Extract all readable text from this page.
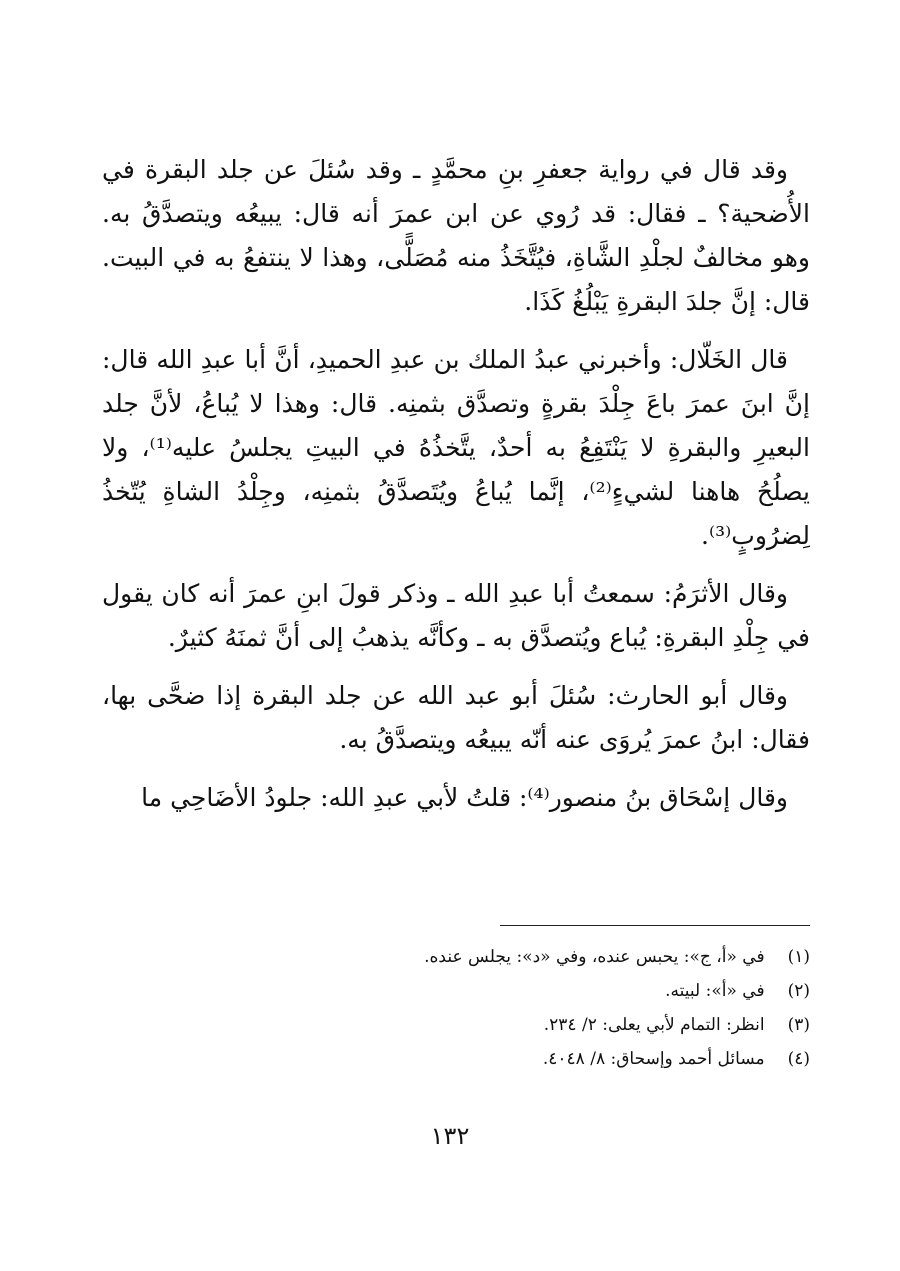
وقد قال في رواية جعفرِ بنِ محمَّدٍ ـ وقد سُئلَ عن جلد البقرة في الأُضحية؟ ـ فقال: قد رُوي عن ابن عمرَ أنه قال: يبيعُه ويتصدَّقُ به. وهو مخالفٌ لجلْدِ الشَّاةِ، فيُتَّخَذُ منه مُصَلًّى، وهذا لا ينتفعُ به في البيت. قال: إنَّ جلدَ البقرةِ يَبْلُغُ كَذَا.

قال الخَلّال: وأخبرني عبدُ الملك بن عبدِ الحميدِ، أنَّ أبا عبدِ الله قال: إنَّ ابنَ عمرَ باعَ جِلْدَ بقرةٍ وتصدَّق بثمنِه. قال: وهذا لا يُباعُ، لأنَّ جلد البعيرِ والبقرةِ لا يَنْتَفِعُ به أحدٌ، يتَّخذُهُ في البيتِ يجلسُ عليه⁽¹⁾، ولا يصلُحُ هاهنا لشيءٍ⁽²⁾، إنَّما يُباعُ ويُتَصدَّقُ بثمنِه، وجِلْدُ الشاةِ يُتّخذُ لِضرُوبٍ⁽³⁾.

وقال الأثرَمُ: سمعتُ أبا عبدِ الله ـ وذكر قولَ ابنِ عمرَ أنه كان يقول في جِلْدِ البقرةِ: يُباع ويُتصدَّق به ـ وكأنَّه يذهبُ إلى أنَّ ثمنَهُ كثيرٌ.

وقال أبو الحارث: سُئلَ أبو عبد الله عن جلد البقرة إذا ضحَّى بها، فقال: ابنُ عمرَ يُروَى عنه أنّه يبيعُه ويتصدَّقُ به.

وقال إسْحَاق بنُ منصور⁽⁴⁾: قلتُ لأبي عبدِ الله: جلودُ الأضَاحِي ما

(١) في «أ، ج»: يحبس عنده، وفي «د»: يجلس عنده.

(٢) في «أ»: لبيته.

(٣) انظر: التمام لأبي يعلى: ٢/ ٢٣٤.

(٤) مسائل أحمد وإسحاق: ٨/ ٤٠٤٨.

١٣٢
